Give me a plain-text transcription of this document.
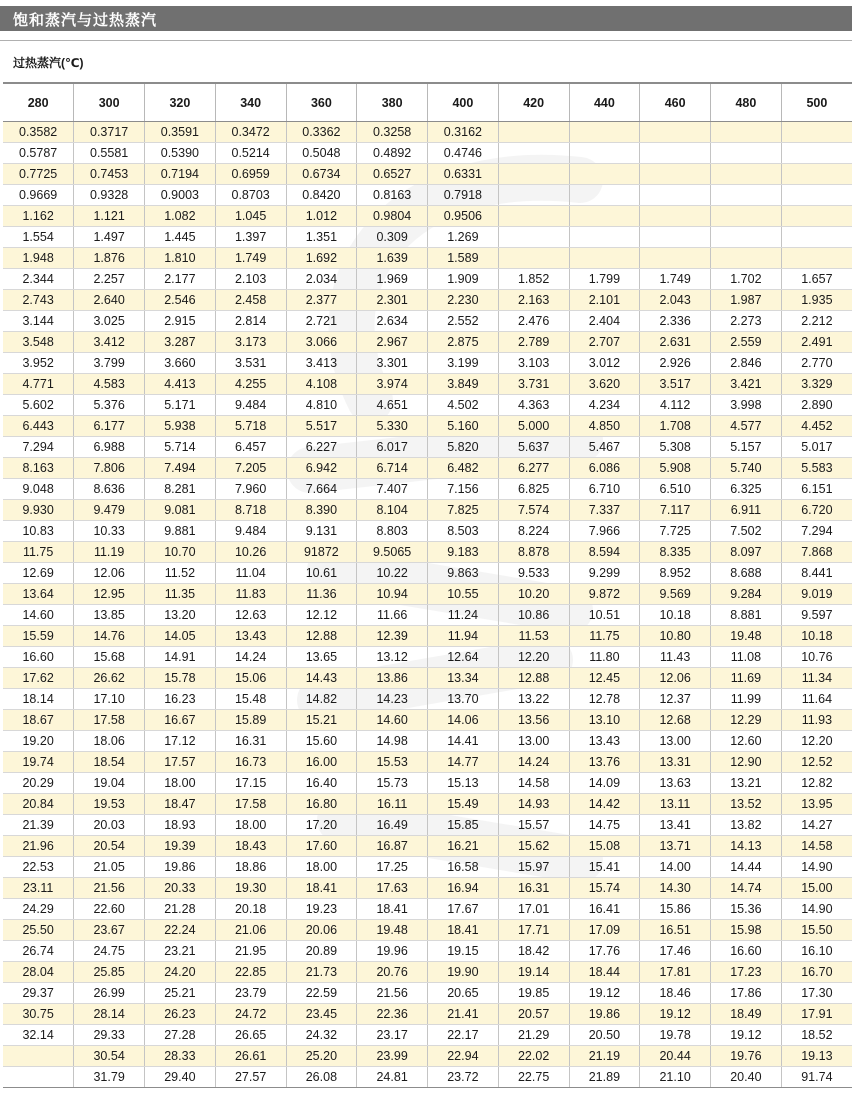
饱和蒸汽与过热蒸汽
过热蒸汽(℃)
280	300	320	340	360	380	400	420	440	460	480	500
0.3582	0.3717	0.3591	0.3472	0.3362	0.3258	0.3162					
0.5787	0.5581	0.5390	0.5214	0.5048	0.4892	0.4746					
0.7725	0.7453	0.7194	0.6959	0.6734	0.6527	0.6331					
0.9669	0.9328	0.9003	0.8703	0.8420	0.8163	0.7918					
1.162	1.121	1.082	1.045	1.012	0.9804	0.9506					
1.554	1.497	1.445	1.397	1.351	0.309	1.269					
1.948	1.876	1.810	1.749	1.692	1.639	1.589					
2.344	2.257	2.177	2.103	2.034	1.969	1.909	1.852	1.799	1.749	1.702	1.657
2.743	2.640	2.546	2.458	2.377	2.301	2.230	2.163	2.101	2.043	1.987	1.935
3.144	3.025	2.915	2.814	2.721	2.634	2.552	2.476	2.404	2.336	2.273	2.212
3.548	3.412	3.287	3.173	3.066	2.967	2.875	2.789	2.707	2.631	2.559	2.491
3.952	3.799	3.660	3.531	3.413	3.301	3.199	3.103	3.012	2.926	2.846	2.770
4.771	4.583	4.413	4.255	4.108	3.974	3.849	3.731	3.620	3.517	3.421	3.329
5.602	5.376	5.171	9.484	4.810	4.651	4.502	4.363	4.234	4.112	3.998	2.890
6.443	6.177	5.938	5.718	5.517	5.330	5.160	5.000	4.850	1.708	4.577	4.452
7.294	6.988	5.714	6.457	6.227	6.017	5.820	5.637	5.467	5.308	5.157	5.017
8.163	7.806	7.494	7.205	6.942	6.714	6.482	6.277	6.086	5.908	5.740	5.583
9.048	8.636	8.281	7.960	7.664	7.407	7.156	6.825	6.710	6.510	6.325	6.151
9.930	9.479	9.081	8.718	8.390	8.104	7.825	7.574	7.337	7.117	6.911	6.720
10.83	10.33	9.881	9.484	9.131	8.803	8.503	8.224	7.966	7.725	7.502	7.294
11.75	11.19	10.70	10.26	91872	9.5065	9.183	8.878	8.594	8.335	8.097	7.868
12.69	12.06	11.52	11.04	10.61	10.22	9.863	9.533	9.299	8.952	8.688	8.441
13.64	12.95	11.35	11.83	11.36	10.94	10.55	10.20	9.872	9.569	9.284	9.019
14.60	13.85	13.20	12.63	12.12	11.66	11.24	10.86	10.51	10.18	8.881	9.597
15.59	14.76	14.05	13.43	12.88	12.39	11.94	11.53	11.75	10.80	19.48	10.18
16.60	15.68	14.91	14.24	13.65	13.12	12.64	12.20	11.80	11.43	11.08	10.76
17.62	26.62	15.78	15.06	14.43	13.86	13.34	12.88	12.45	12.06	11.69	11.34
18.14	17.10	16.23	15.48	14.82	14.23	13.70	13.22	12.78	12.37	11.99	11.64
18.67	17.58	16.67	15.89	15.21	14.60	14.06	13.56	13.10	12.68	12.29	11.93
19.20	18.06	17.12	16.31	15.60	14.98	14.41	13.00	13.43	13.00	12.60	12.20
19.74	18.54	17.57	16.73	16.00	15.53	14.77	14.24	13.76	13.31	12.90	12.52
20.29	19.04	18.00	17.15	16.40	15.73	15.13	14.58	14.09	13.63	13.21	12.82
20.84	19.53	18.47	17.58	16.80	16.11	15.49	14.93	14.42	13.11	13.52	13.95
21.39	20.03	18.93	18.00	17.20	16.49	15.85	15.57	14.75	13.41	13.82	14.27
21.96	20.54	19.39	18.43	17.60	16.87	16.21	15.62	15.08	13.71	14.13	14.58
22.53	21.05	19.86	18.86	18.00	17.25	16.58	15.97	15.41	14.00	14.44	14.90
23.11	21.56	20.33	19.30	18.41	17.63	16.94	16.31	15.74	14.30	14.74	15.00
24.29	22.60	21.28	20.18	19.23	18.41	17.67	17.01	16.41	15.86	15.36	14.90
25.50	23.67	22.24	21.06	20.06	19.48	18.41	17.71	17.09	16.51	15.98	15.50
26.74	24.75	23.21	21.95	20.89	19.96	19.15	18.42	17.76	17.46	16.60	16.10
28.04	25.85	24.20	22.85	21.73	20.76	19.90	19.14	18.44	17.81	17.23	16.70
29.37	26.99	25.21	23.79	22.59	21.56	20.65	19.85	19.12	18.46	17.86	17.30
30.75	28.14	26.23	24.72	23.45	22.36	21.41	20.57	19.86	19.12	18.49	17.91
32.14	29.33	27.28	26.65	24.32	23.17	22.17	21.29	20.50	19.78	19.12	18.52
	30.54	28.33	26.61	25.20	23.99	22.94	22.02	21.19	20.44	19.76	19.13
	31.79	29.40	27.57	26.08	24.81	23.72	22.75	21.89	21.10	20.40	91.74
